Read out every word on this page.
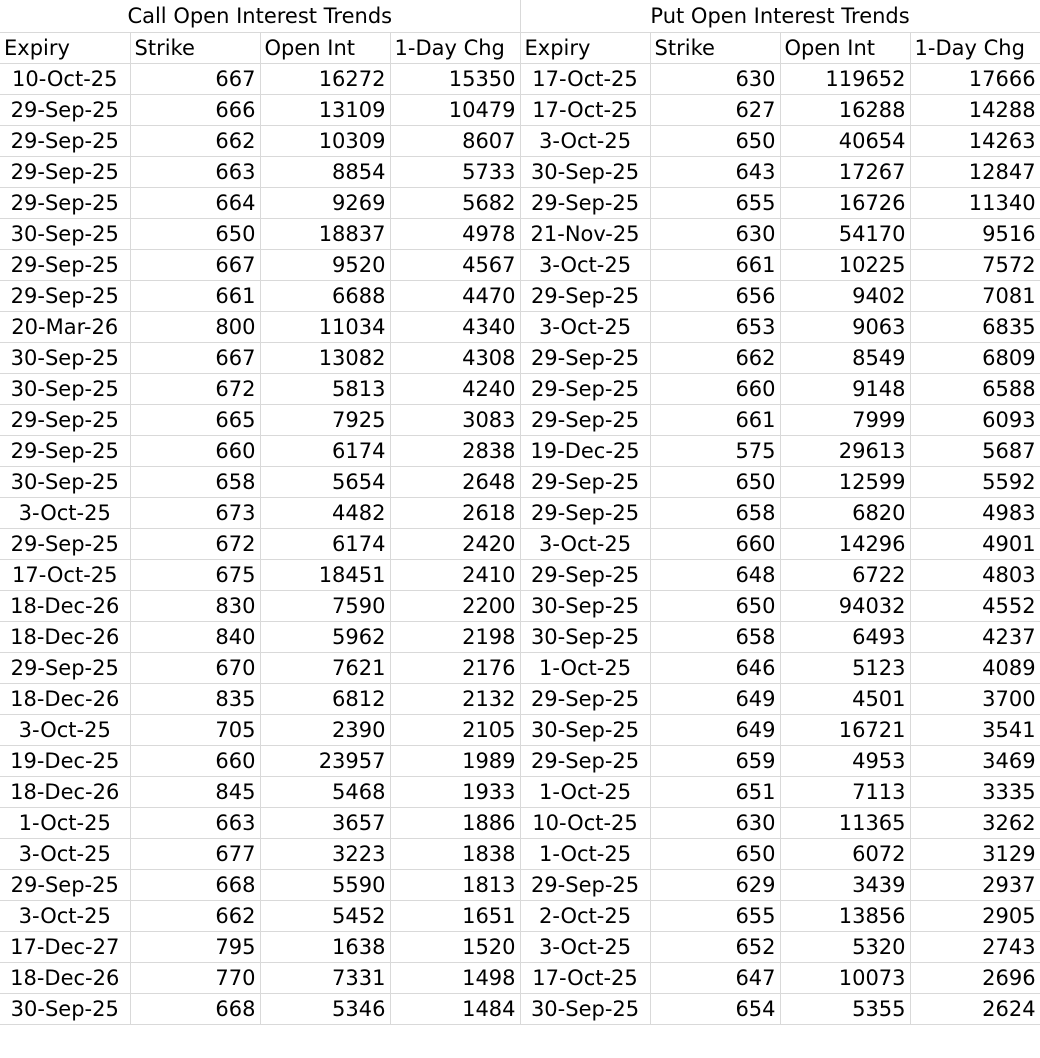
Call Open Interest Trends				Put Open Interest Trends			
Expiry	Strike	Open Int	1-Day Chg	Expiry	Strike	Open Int	1-Day Chg
10-Oct-25	667	16272	15350	17-Oct-25	630	119652	17666
29-Sep-25	666	13109	10479	17-Oct-25	627	16288	14288
29-Sep-25	662	10309	8607	3-Oct-25	650	40654	14263
29-Sep-25	663	8854	5733	30-Sep-25	643	17267	12847
29-Sep-25	664	9269	5682	29-Sep-25	655	16726	11340
30-Sep-25	650	18837	4978	21-Nov-25	630	54170	9516
29-Sep-25	667	9520	4567	3-Oct-25	661	10225	7572
29-Sep-25	661	6688	4470	29-Sep-25	656	9402	7081
20-Mar-26	800	11034	4340	3-Oct-25	653	9063	6835
30-Sep-25	667	13082	4308	29-Sep-25	662	8549	6809
30-Sep-25	672	5813	4240	29-Sep-25	660	9148	6588
29-Sep-25	665	7925	3083	29-Sep-25	661	7999	6093
29-Sep-25	660	6174	2838	19-Dec-25	575	29613	5687
30-Sep-25	658	5654	2648	29-Sep-25	650	12599	5592
3-Oct-25	673	4482	2618	29-Sep-25	658	6820	4983
29-Sep-25	672	6174	2420	3-Oct-25	660	14296	4901
17-Oct-25	675	18451	2410	29-Sep-25	648	6722	4803
18-Dec-26	830	7590	2200	30-Sep-25	650	94032	4552
18-Dec-26	840	5962	2198	30-Sep-25	658	6493	4237
29-Sep-25	670	7621	2176	1-Oct-25	646	5123	4089
18-Dec-26	835	6812	2132	29-Sep-25	649	4501	3700
3-Oct-25	705	2390	2105	30-Sep-25	649	16721	3541
19-Dec-25	660	23957	1989	29-Sep-25	659	4953	3469
18-Dec-26	845	5468	1933	1-Oct-25	651	7113	3335
1-Oct-25	663	3657	1886	10-Oct-25	630	11365	3262
3-Oct-25	677	3223	1838	1-Oct-25	650	6072	3129
29-Sep-25	668	5590	1813	29-Sep-25	629	3439	2937
3-Oct-25	662	5452	1651	2-Oct-25	655	13856	2905
17-Dec-27	795	1638	1520	3-Oct-25	652	5320	2743
18-Dec-26	770	7331	1498	17-Oct-25	647	10073	2696
30-Sep-25	668	5346	1484	30-Sep-25	654	5355	2624
